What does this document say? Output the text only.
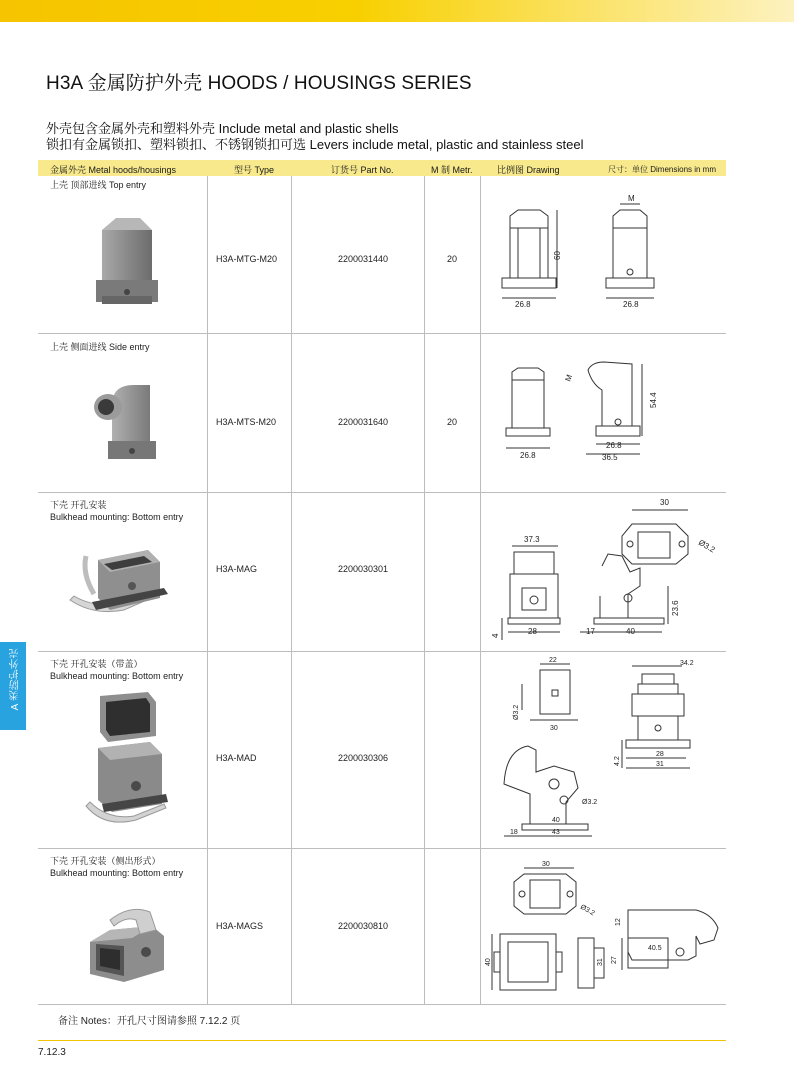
H3A 金属防护外壳 HOODS / HOUSINGS SERIES
外壳包含金属外壳和塑料外壳 Include metal and plastic shells
锁扣有金属锁扣、塑料锁扣、不锈钢锁扣可选 Levers include metal, plastic and stainless steel
金属外壳 Metal hoods/housings	型号 Type	订货号 Part No.	M 制 Metr.	比例图 Drawing	尺寸：单位 Dimensions in mm
上壳 顶部进线 Top entry
H3A-MTG-M20	2200031440	20	60
M
26.8	26.8
上壳 侧面进线 Side entry
H3A-MTS-M20	2200031640	20
54.4
M
26.8
26.8
36.5
下壳 开孔安装
Bulkhead mounting: Bottom entry
H3A-MAG	2200030301
30
Ø3.2
37.3
23.6
4	28	17	40
下壳 开孔安装（带盖）
Bulkhead mounting: Bottom entry
H3A-MAD	2200030306
22	34.2
Ø3.2
30
28
31
4.2
Ø3.2
40
18	43
下壳 开孔安装（侧出形式）
Bulkhead mounting: Bottom entry
H3A-MAGS	2200030810
30
Ø3.2
12
40	31 27
40.5
A 类防护外壳
备注 Notes：开孔尺寸图请参照 7.12.2 页
7.12.3
